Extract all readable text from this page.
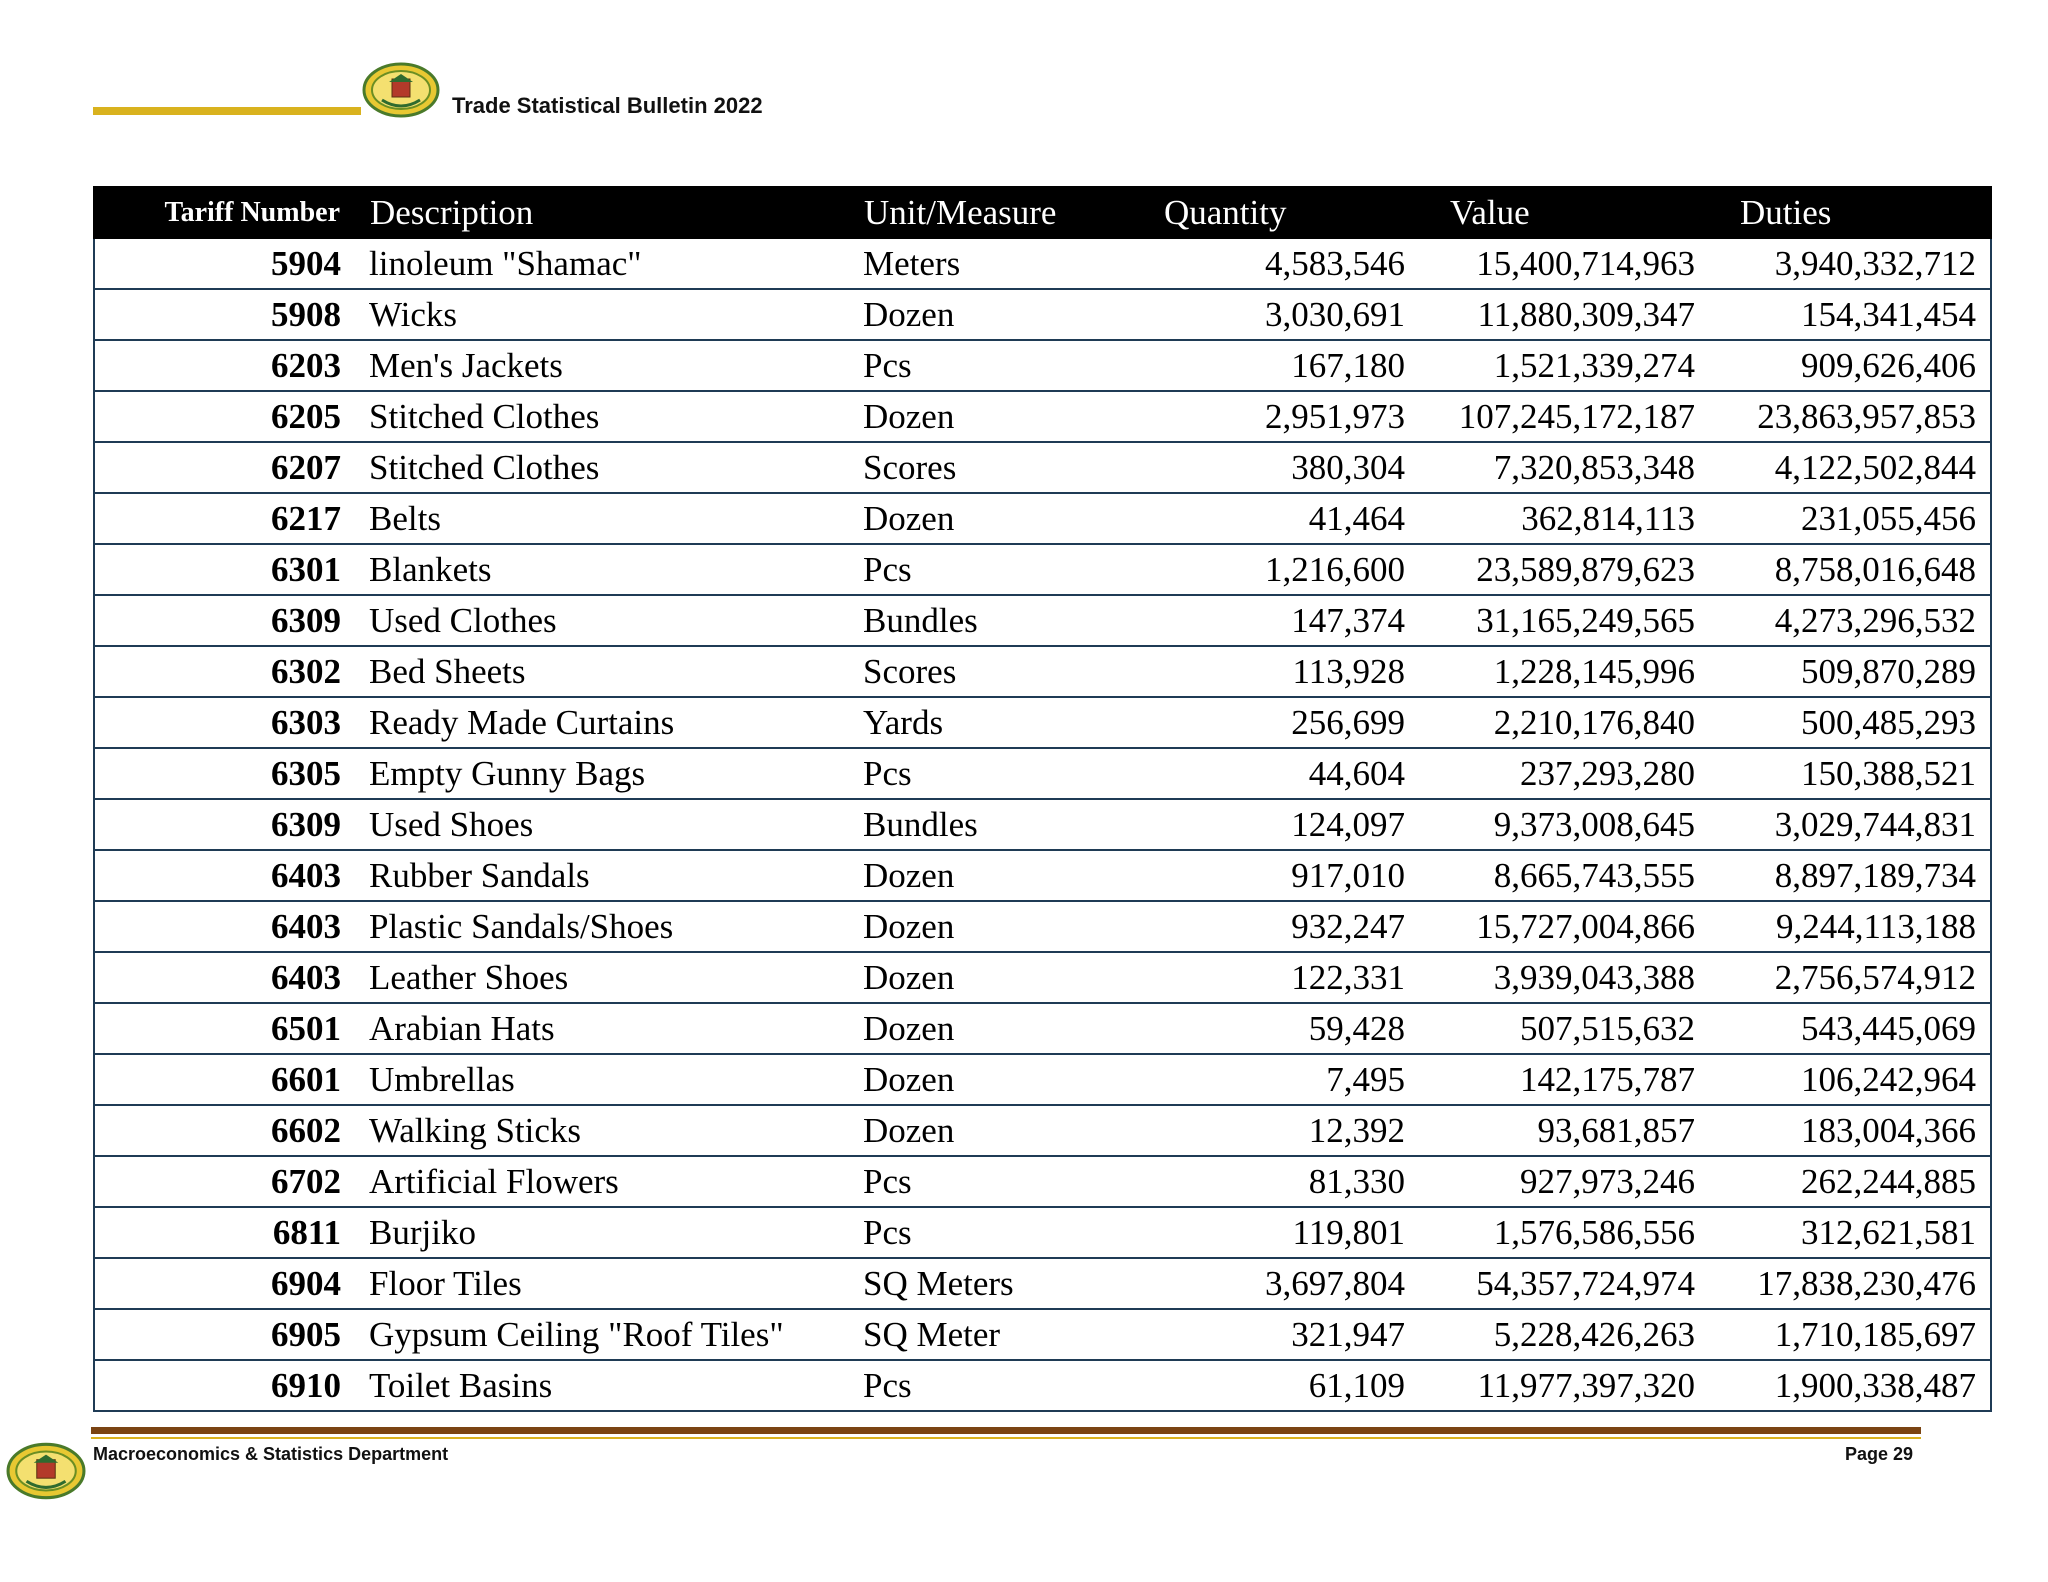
Trade Statistical Bulletin 2022
Tariff Number	Description	Unit/Measure	Quantity	Value	Duties
5904	linoleum "Shamac"	Meters	4,583,546	15,400,714,963	3,940,332,712
5908	Wicks	Dozen	3,030,691	11,880,309,347	154,341,454
6203	Men's Jackets	Pcs	167,180	1,521,339,274	909,626,406
6205	Stitched Clothes	Dozen	2,951,973	107,245,172,187	23,863,957,853
6207	Stitched Clothes	Scores	380,304	7,320,853,348	4,122,502,844
6217	Belts	Dozen	41,464	362,814,113	231,055,456
6301	Blankets	Pcs	1,216,600	23,589,879,623	8,758,016,648
6309	Used Clothes	Bundles	147,374	31,165,249,565	4,273,296,532
6302	Bed Sheets	Scores	113,928	1,228,145,996	509,870,289
6303	Ready Made Curtains	Yards	256,699	2,210,176,840	500,485,293
6305	Empty Gunny Bags	Pcs	44,604	237,293,280	150,388,521
6309	Used Shoes	Bundles	124,097	9,373,008,645	3,029,744,831
6403	Rubber Sandals	Dozen	917,010	8,665,743,555	8,897,189,734
6403	Plastic Sandals/Shoes	Dozen	932,247	15,727,004,866	9,244,113,188
6403	Leather Shoes	Dozen	122,331	3,939,043,388	2,756,574,912
6501	Arabian Hats	Dozen	59,428	507,515,632	543,445,069
6601	Umbrellas	Dozen	7,495	142,175,787	106,242,964
6602	Walking Sticks	Dozen	12,392	93,681,857	183,004,366
6702	Artificial Flowers	Pcs	81,330	927,973,246	262,244,885
6811	Burjiko	Pcs	119,801	1,576,586,556	312,621,581
6904	Floor Tiles	SQ Meters	3,697,804	54,357,724,974	17,838,230,476
6905	Gypsum Ceiling "Roof Tiles"	SQ Meter	321,947	5,228,426,263	1,710,185,697
6910	Toilet Basins	Pcs	61,109	11,977,397,320	1,900,338,487
Macroeconomics & Statistics Department	Page 29
